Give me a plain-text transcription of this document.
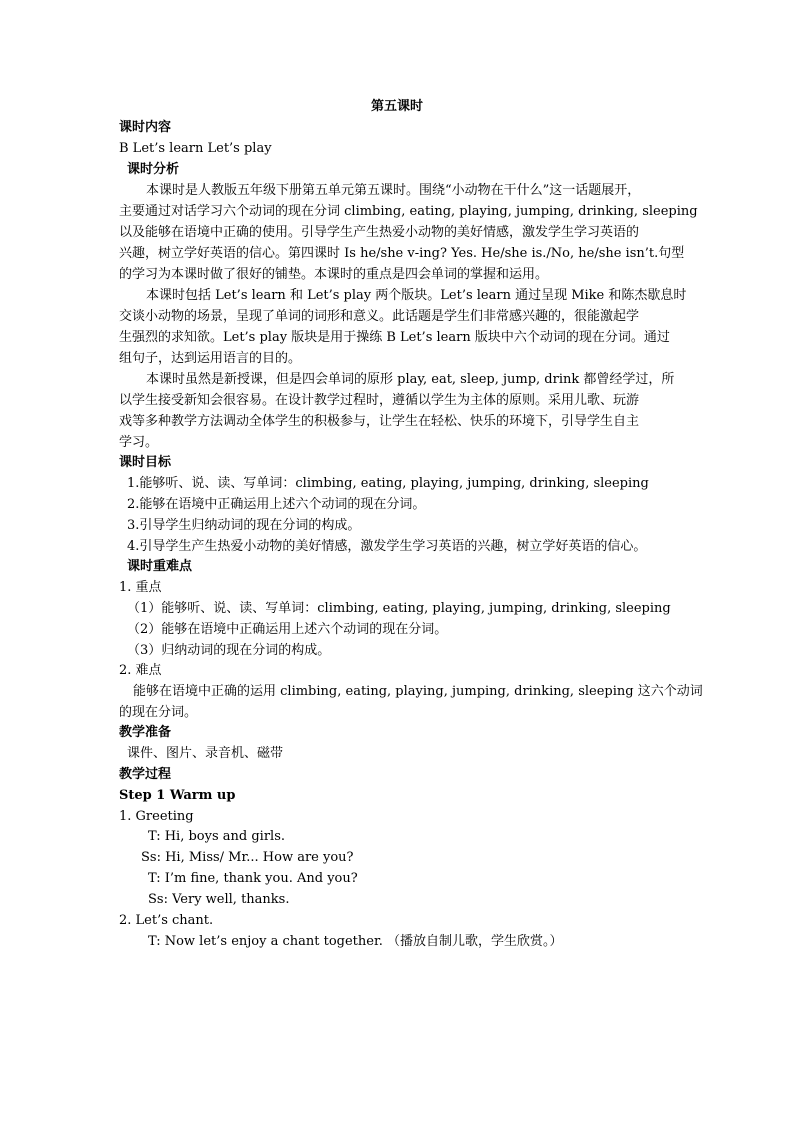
第五课时
课时内容
B Let’s learn Let’s play
课时分析
本课时是人教版五年级下册第五单元第五课时。围绕“小动物在干什么”这一话题展开，
主要通过对话学习六个动词的现在分词 climbing, eating, playing, jumping, drinking, sleeping
以及能够在语境中正确的使用。引导学生产生热爱小动物的美好情感，激发学生学习英语的
兴趣，树立学好英语的信心。第四课时 Is he/she v-ing? Yes. He/she is./No, he/she isn’t.句型
的学习为本课时做了很好的铺垫。本课时的重点是四会单词的掌握和运用。
本课时包括 Let’s learn 和 Let’s play 两个版块。Let’s learn 通过呈现 Mike 和陈杰歇息时
交谈小动物的场景，呈现了单词的词形和意义。此话题是学生们非常感兴趣的，很能激起学
生强烈的求知欲。Let’s play 版块是用于操练 B Let’s learn 版块中六个动词的现在分词。通过
组句子，达到运用语言的目的。
本课时虽然是新授课，但是四会单词的原形 play, eat, sleep, jump, drink 都曾经学过，所
以学生接受新知会很容易。在设计教学过程时，遵循以学生为主体的原则。采用儿歌、玩游
戏等多种教学方法调动全体学生的积极参与，让学生在轻松、快乐的环境下，引导学生自主
学习。
课时目标
1.能够听、说、读、写单词：climbing, eating, playing, jumping, drinking, sleeping
2.能够在语境中正确运用上述六个动词的现在分词。
3.引导学生归纳动词的现在分词的构成。
4.引导学生产生热爱小动物的美好情感，激发学生学习英语的兴趣，树立学好英语的信心。
课时重难点
1. 重点
（1）能够听、说、读、写单词：climbing, eating, playing, jumping, drinking, sleeping
（2）能够在语境中正确运用上述六个动词的现在分词。
（3）归纳动词的现在分词的构成。
2. 难点
能够在语境中正确的运用 climbing, eating, playing, jumping, drinking, sleeping 这六个动词
的现在分词。
教学准备
课件、图片、录音机、磁带
教学过程
Step 1 Warm up
1. Greeting
T: Hi, boys and girls.
Ss: Hi, Miss/ Mr... How are you?
T: I’m fine, thank you. And you?
Ss: Very well, thanks.
2. Let’s chant.
T: Now let’s enjoy a chant together. （播放自制儿歌，学生欣赏。）
